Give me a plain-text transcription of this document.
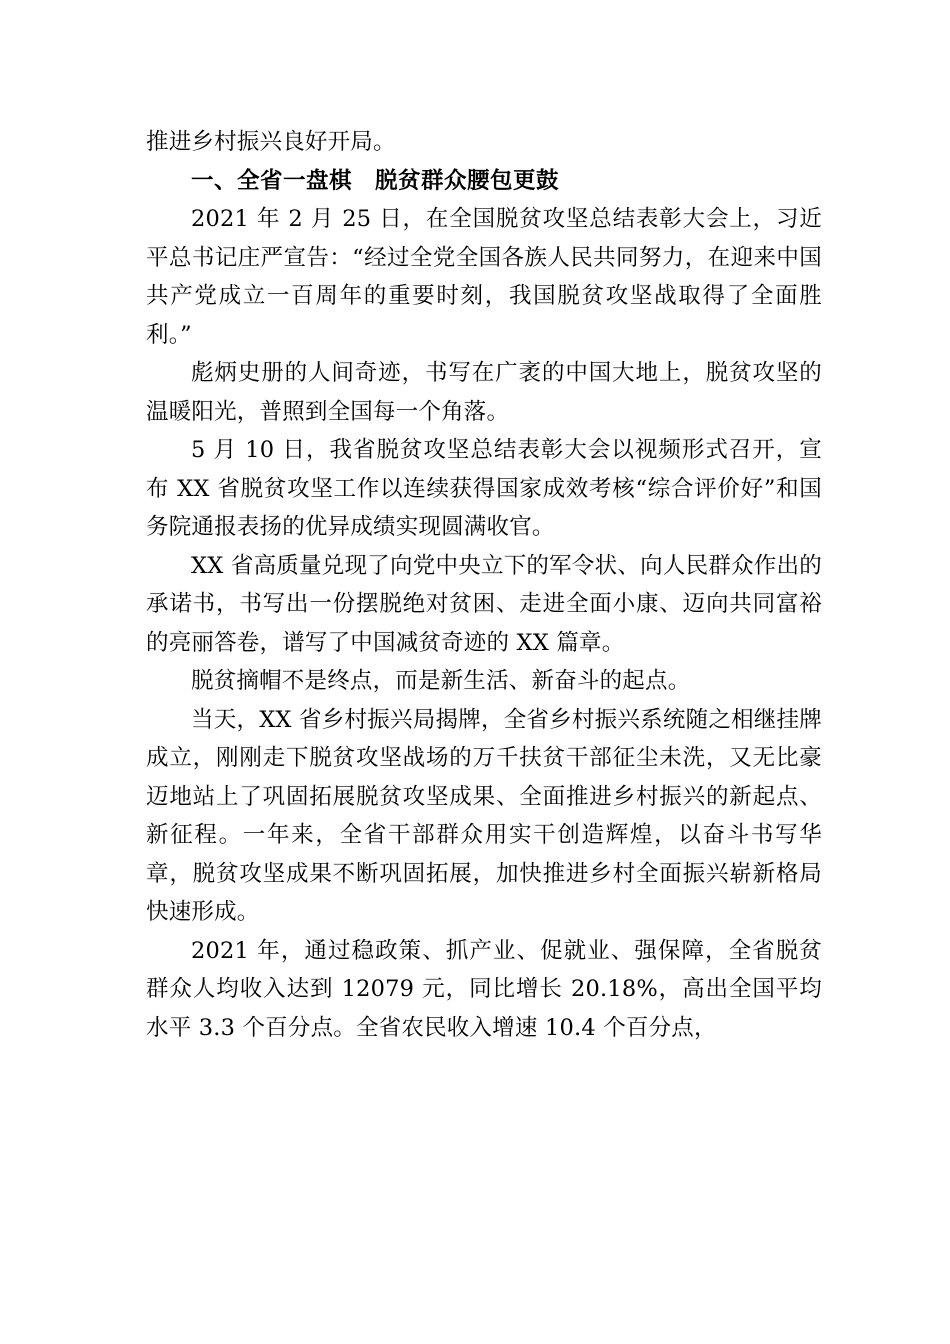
推进乡村振兴良好开局。

一、全省一盘棋　脱贫群众腰包更鼓

2021 年 2 月 25 日，在全国脱贫攻坚总结表彰大会上，习近平总书记庄严宣告：“经过全党全国各族人民共同努力，在迎来中国共产党成立一百周年的重要时刻，我国脱贫攻坚战取得了全面胜利。”

彪炳史册的人间奇迹，书写在广袤的中国大地上，脱贫攻坚的温暖阳光，普照到全国每一个角落。

5 月 10 日，我省脱贫攻坚总结表彰大会以视频形式召开，宣布 XX 省脱贫攻坚工作以连续获得国家成效考核“综合评价好”和国务院通报表扬的优异成绩实现圆满收官。

XX 省高质量兑现了向党中央立下的军令状、向人民群众作出的承诺书，书写出一份摆脱绝对贫困、走进全面小康、迈向共同富裕的亮丽答卷，谱写了中国减贫奇迹的 XX 篇章。

脱贫摘帽不是终点，而是新生活、新奋斗的起点。

当天，XX 省乡村振兴局揭牌，全省乡村振兴系统随之相继挂牌成立，刚刚走下脱贫攻坚战场的万千扶贫干部征尘未洗，又无比豪迈地站上了巩固拓展脱贫攻坚成果、全面推进乡村振兴的新起点、新征程。一年来，全省干部群众用实干创造辉煌，以奋斗书写华章，脱贫攻坚成果不断巩固拓展，加快推进乡村全面振兴崭新格局快速形成。

2021 年，通过稳政策、抓产业、促就业、强保障，全省脱贫群众人均收入达到 12079 元，同比增长 20.18%，高出全国平均水平 3.3 个百分点。全省农民收入增速 10.4 个百分点，
